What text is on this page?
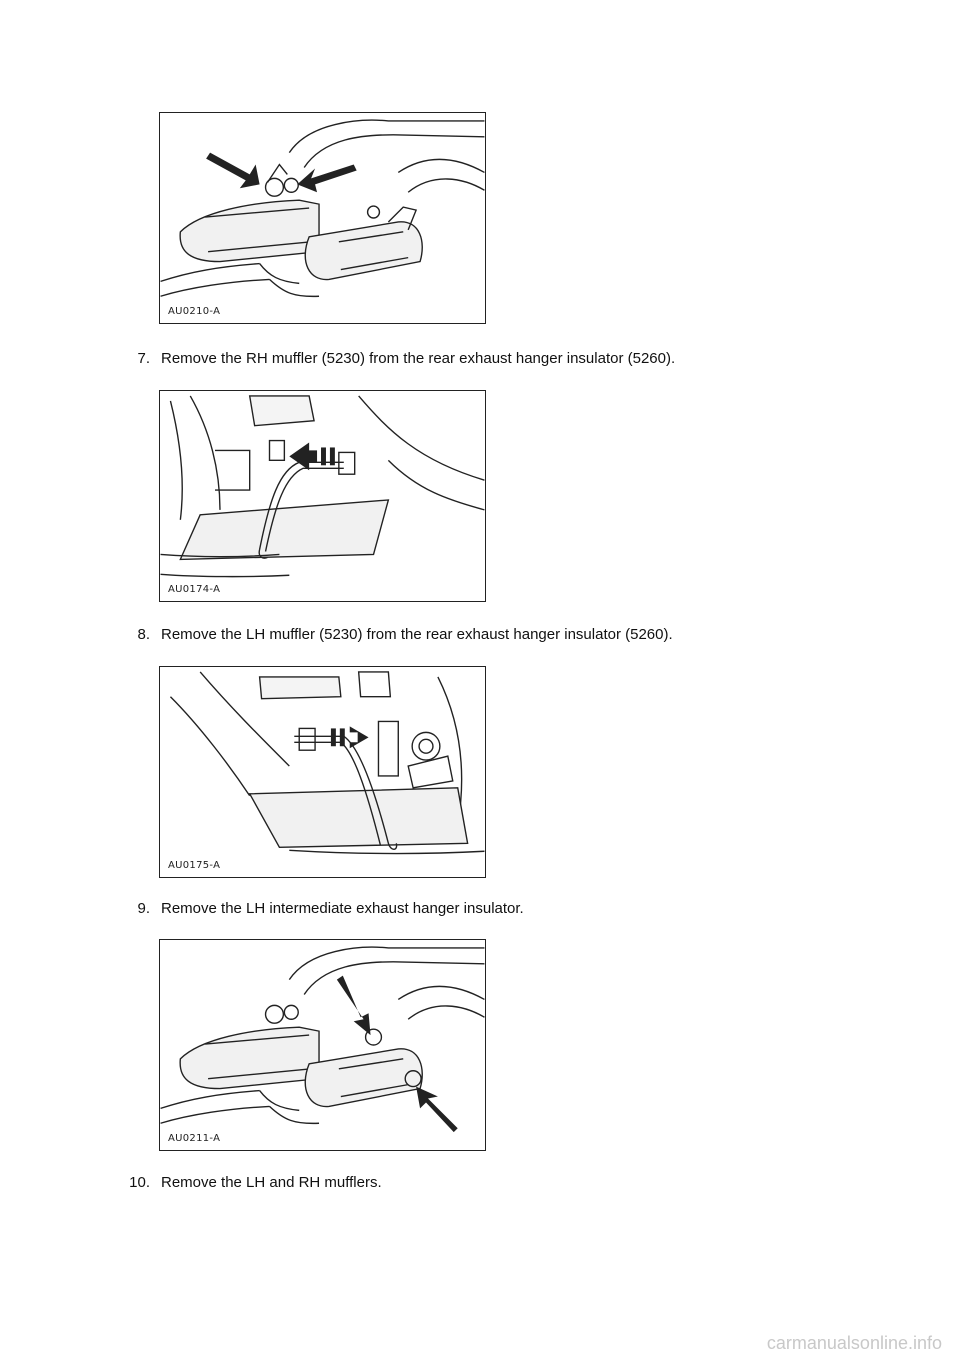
AU0210-A
7. Remove the RH muffler (5230) from the rear exhaust hanger insulator (5260).
AU0174-A
8. Remove the LH muffler (5230) from the rear exhaust hanger insulator (5260).
AU0175-A
9. Remove the LH intermediate exhaust hanger insulator.
AU0211-A
10. Remove the LH and RH mufflers.
carmanualsonline.info
